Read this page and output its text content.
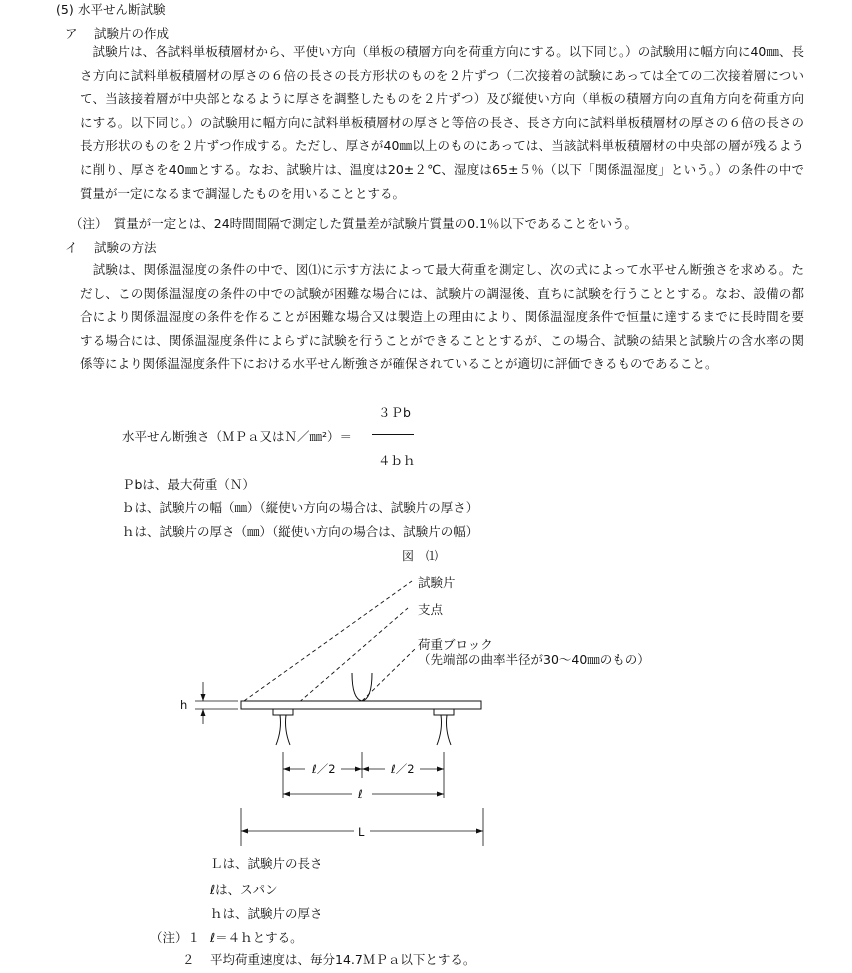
(5) 水平せん断試験
ア 試験片の作成
試験片は、各試料単板積層材から、平使い方向（単板の積層方向を荷重方向にする。以下同じ。）の試験用に幅方向に40㎜、長さ方向に試料単板積層材の厚さの６倍の長さの長方形状のものを２片ずつ（二次接着の試験にあっては全ての二次接着層について、当該接着層が中央部となるように厚さを調整したものを２片ずつ）及び縦使い方向（単板の積層方向の直角方向を荷重方向にする。以下同じ。）の試験用に幅方向に試料単板積層材の厚さと等倍の長さ、長さ方向に試料単板積層材の厚さの６倍の長さの長方形状のものを２片ずつ作成する。ただし、厚さが40㎜以上のものにあっては、当該試料単板積層材の中央部の層が残るように削り、厚さを40㎜とする。なお、試験片は、温度は20±２℃、湿度は65±５％（以下「関係温湿度」という。）の条件の中で質量が一定になるまで調湿したものを用いることとする。
（注）　質量が一定とは、24時間間隔で測定した質量差が試験片質量の0.1％以下であることをいう。
イ 試験の方法
試験は、関係温湿度の条件の中で、図⑴に示す方法によって最大荷重を測定し、次の式によって水平せん断強さを求める。ただし、この関係温湿度の条件の中での試験が困難な場合には、試験片の調湿後、直ちに試験を行うこととする。なお、設備の都合により関係温湿度の条件を作ることが困難な場合又は製造上の理由により、関係温湿度条件で恒量に達するまでに長時間を要する場合には、関係温湿度条件によらずに試験を行うことができることとするが、この場合、試験の結果と試験片の含水率の関係等により関係温湿度条件下における水平せん断強さが確保されていることが適切に評価できるものであること。
水平せん断強さ（ＭＰａ又はＮ／㎜²）＝
３Ｐb
４ｂｈ
Ｐbは、最大荷重（Ｎ）
ｂは、試験片の幅（㎜）（縦使い方向の場合は、試験片の厚さ）
ｈは、試験片の厚さ（㎜）（縦使い方向の場合は、試験片の幅）
図　⑴
h
ℓ／2	ℓ／2
ℓ
L
試験片
支点
荷重ブロック
（先端部の曲率半径が30～40㎜のもの）
Ｌは、試験片の長さ
ℓは、スパン
ｈは、試験片の厚さ
（注）１ ℓ＝４ｈとする。
２ 平均荷重速度は、毎分14.7ＭＰａ以下とする。
